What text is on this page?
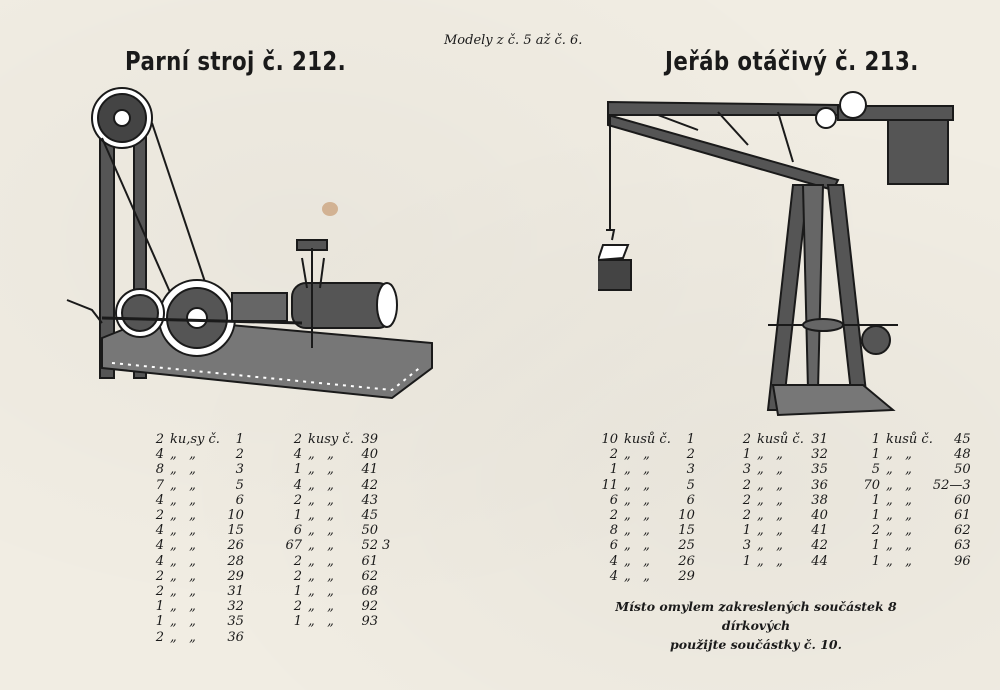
Modely z č. 5 až č. 6.
Parní stroj č. 212.	Jeřáb otáčivý č. 213.
2	ku,sy č.	1
4	„   „	2
8	„   „	3
7	„   „	5
4	„   „	6
2	„   „	10
4	„   „	15
4	„   „	26
4	„   „	28
2	„   „	29
2	„   „	31
1	„   „	32
1	„   „	35
2	„   „	36
2	kusy č.	39	
4	„   „	40	
1	„   „	41	
4	„   „	42	
2	„   „	43	
1	„   „	45	
6	„   „	50	
67	„   „	52	3
2	„   „	61	
2	„   „	62	
1	„   „	68	
2	„   „	92	
1	„   „	93	
10	kusů č.	1
2	„   „	2
1	„   „	3
11	„   „	5
6	„   „	6
2	„   „	10
8	„   „	15
6	„   „	25
4	„   „	26
4	„   „	29
2	kusů č.	31
1	„   „	32
3	„   „	35
2	„   „	36
2	„   „	38
2	„   „	40
1	„   „	41
3	„   „	42
1	„   „	44
1	kusů č.	45
1	„   „	48
5	„   „	50
70	„   „	52—3
1	„   „	60
1	„   „	61
2	„   „	62
1	„   „	63
1	„   „	96
Místo omylem zakreslených součástek 8 dírkových
použijte součástky č. 10.
